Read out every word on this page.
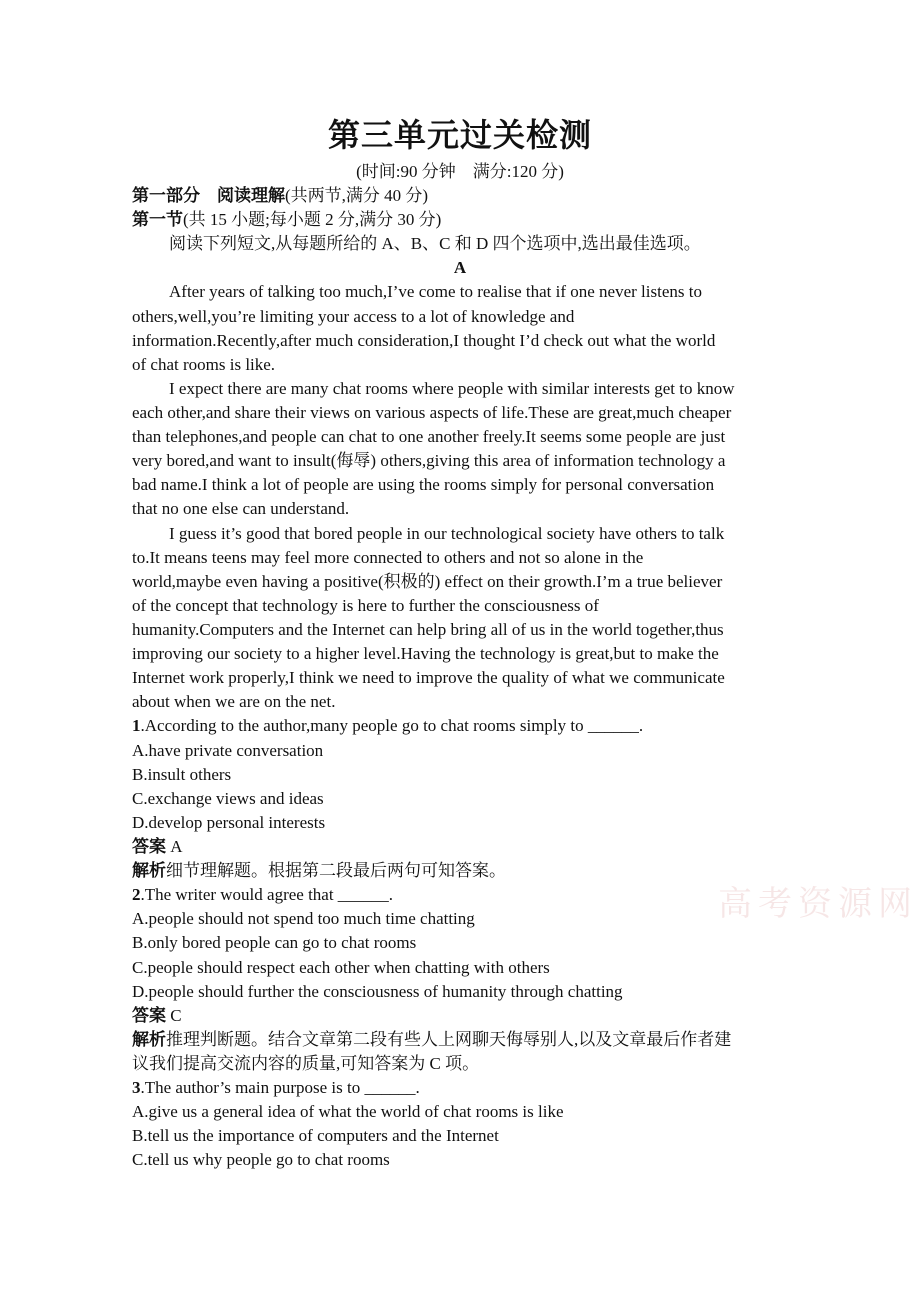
第三单元过关检测
(时间:90 分钟　满分:120 分)
高考资源网
第一部分　阅读理解(共两节,满分 40 分)
第一节(共 15 小题;每小题 2 分,满分 30 分)
阅读下列短文,从每题所给的 A、B、C 和 D 四个选项中,选出最佳选项。
A
After years of talking too much,I’ve come to realise that if one never listens to
others,well,you’re limiting your access to a lot of knowledge and
information.Recently,after much consideration,I thought I’d check out what the world
of chat rooms is like.
I expect there are many chat rooms where people with similar interests get to know
each other,and share their views on various aspects of life.These are great,much cheaper
than telephones,and people can chat to one another freely.It seems some people are just
very bored,and want to insult(侮辱) others,giving this area of information technology a
bad name.I think a lot of people are using the rooms simply for personal conversation
that no one else can understand.
I guess it’s good that bored people in our technological society have others to talk
to.It means teens may feel more connected to others and not so alone in the
world,maybe even having a positive(积极的) effect on their growth.I’m a true believer
of the concept that technology is here to further the consciousness of
humanity.Computers and the Internet can help bring all of us in the world together,thus
improving our society to a higher level.Having the technology is great,but to make the
Internet work properly,I think we need to improve the quality of what we communicate
about when we are on the net.
1.According to the author,many people go to chat rooms simply to ______.
A.have private conversation
B.insult others
C.exchange views and ideas
D.develop personal interests
答案 A
解析细节理解题。根据第二段最后两句可知答案。
2.The writer would agree that ______.
A.people should not spend too much time chatting
B.only bored people can go to chat rooms
C.people should respect each other when chatting with others
D.people should further the consciousness of humanity through chatting
答案 C
解析推理判断题。结合文章第二段有些人上网聊天侮辱别人,以及文章最后作者建
议我们提高交流内容的质量,可知答案为 C 项。
3.The author’s main purpose is to ______.
A.give us a general idea of what the world of chat rooms is like
B.tell us the importance of computers and the Internet
C.tell us why people go to chat rooms
